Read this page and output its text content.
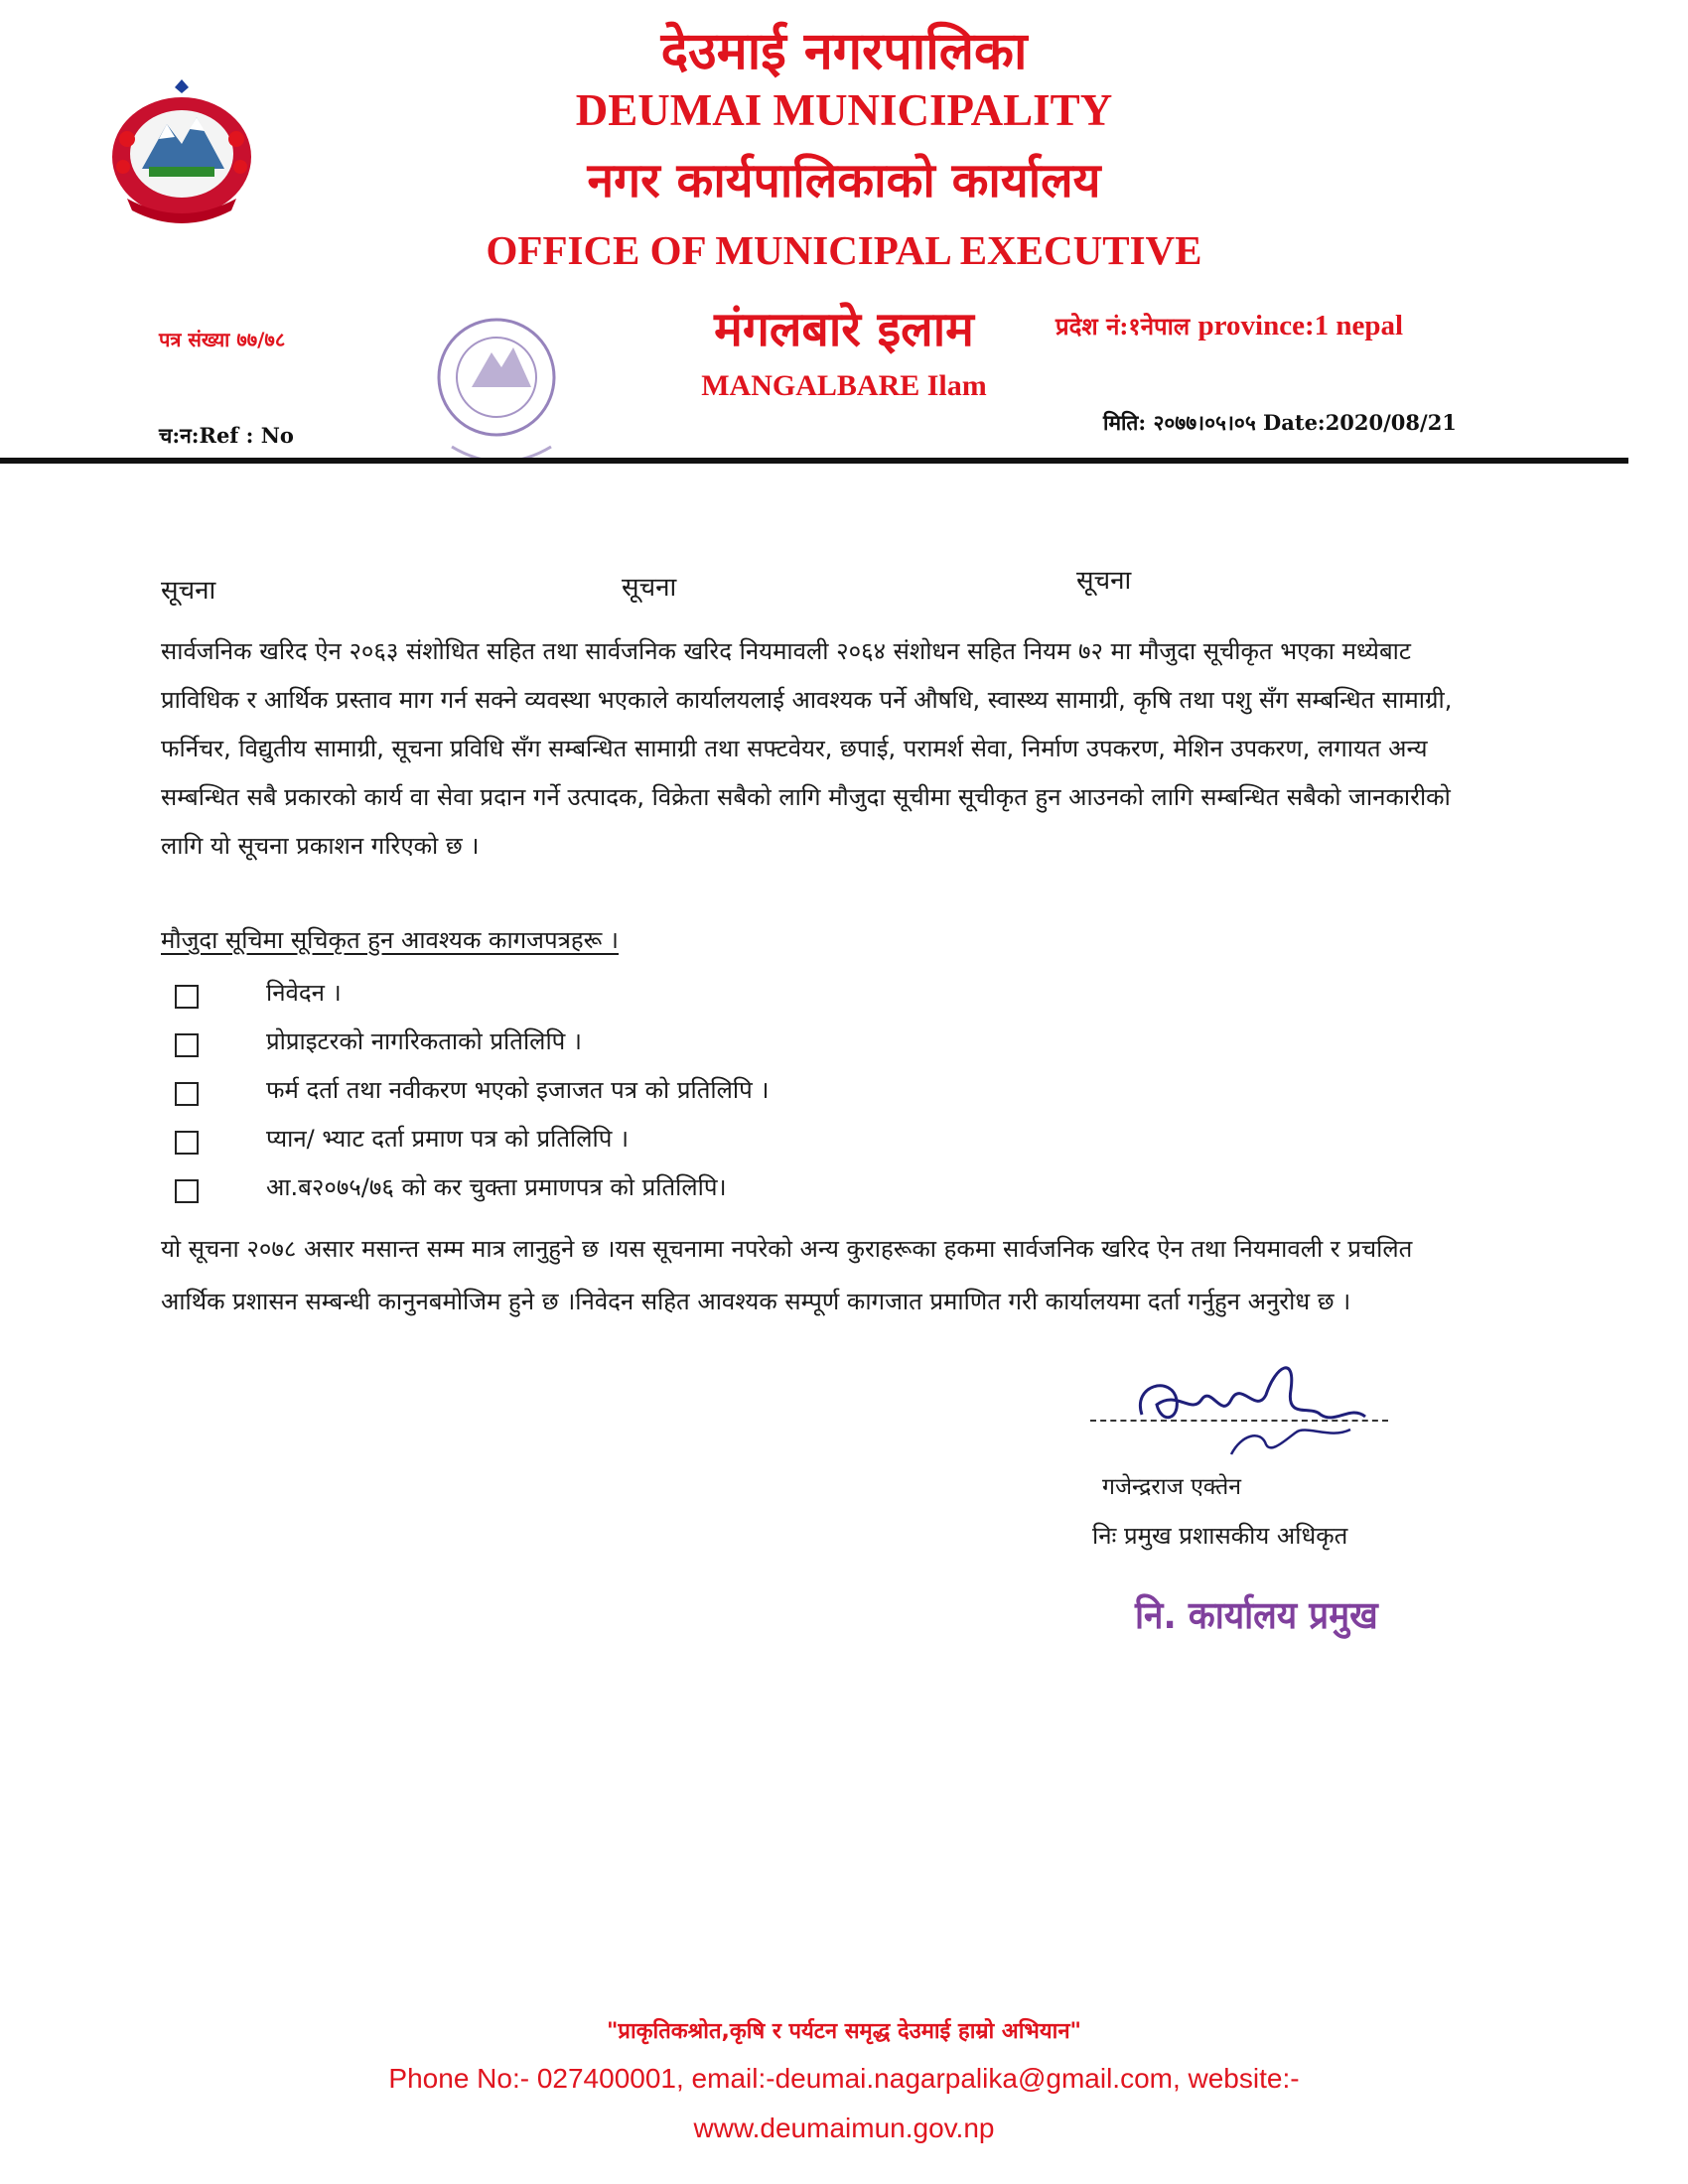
देउमाई नगरपालिका
DEUMAI MUNICIPALITY
नगर कार्यपालिकाको कार्यालय
OFFICE OF MUNICIPAL EXECUTIVE
मंगलबारे इलाम
MANGALBARE Ilam
पत्र संख्या ७७/७८	प्रदेश नं:१नेपाल province:1 nepal
च:न:Ref : No
मिति: २०७७।०५।०५ Date:2020/08/21
सूचना	सूचना	सूचना
सार्वजनिक खरिद ऐन २०६३ संशोधित सहित तथा सार्वजनिक खरिद नियमावली २०६४ संशोधन सहित नियम ७२ मा मौजुदा सूचीकृत भएका मध्येबाट प्राविधिक र आर्थिक प्रस्ताव माग गर्न सक्ने व्यवस्था भएकाले कार्यालयलाई आवश्यक पर्ने औषधि, स्वास्थ्य सामाग्री, कृषि तथा पशु सँग सम्बन्धित सामाग्री, फर्निचर, विद्युतीय सामाग्री, सूचना प्रविधि सँग सम्बन्धित सामाग्री तथा सफ्टवेयर, छपाई, परामर्श सेवा, निर्माण उपकरण, मेशिन उपकरण, लगायत अन्य सम्बन्धित सबै प्रकारको कार्य वा सेवा प्रदान गर्ने उत्पादक, विक्रेता सबैको लागि मौजुदा सूचीमा सूचीकृत हुन आउनको लागि सम्बन्धित सबैको जानकारीको लागि यो सूचना प्रकाशन गरिएको छ ।
मौजुदा सूचिमा सूचिकृत हुन आवश्यक कागजपत्रहरू ।
निवेदन ।
प्रोप्राइटरको नागरिकताको प्रतिलिपि ।
फर्म दर्ता तथा नवीकरण भएको इजाजत पत्र को प्रतिलिपि ।
प्यान/ भ्याट दर्ता प्रमाण पत्र को प्रतिलिपि ।
आ.ब२०७५/७६ को कर चुक्ता प्रमाणपत्र को प्रतिलिपि।
यो सूचना २०७८ असार मसान्त सम्म मात्र लानुहुने छ ।यस सूचनामा नपरेको अन्य कुराहरूका हकमा सार्वजनिक खरिद ऐन तथा नियमावली र प्रचलित आर्थिक प्रशासन सम्बन्धी कानुनबमोजिम हुने छ ।निवेदन सहित आवश्यक सम्पूर्ण कागजात प्रमाणित गरी कार्यालयमा दर्ता गर्नुहुन अनुरोध छ ।
गजेन्द्रराज एक्तेन
निः प्रमुख प्रशासकीय अधिकृत
नि. कार्यालय प्रमुख
"प्राकृतिकश्रोत,कृषि र पर्यटन समृद्ध देउमाई हाम्रो अभियान"
Phone No:- 027400001, email:-deumai.nagarpalika@gmail.com, website:-
www.deumaimun.gov.np
